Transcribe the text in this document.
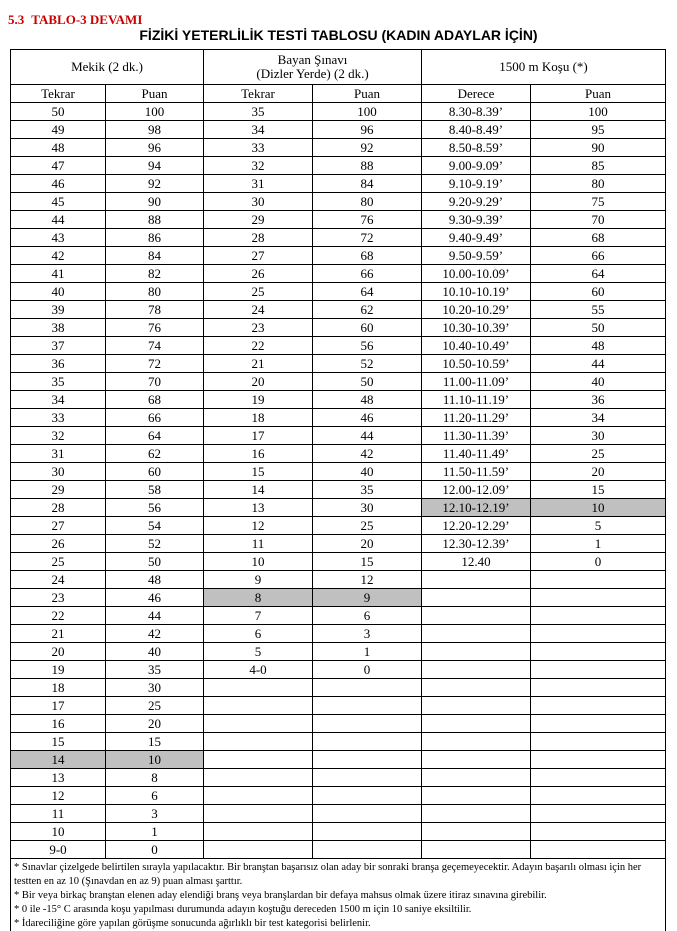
5.3 TABLO-3 DEVAMI
FİZİKİ YETERLİLİK TESTİ TABLOSU (KADIN ADAYLAR İÇİN)
Mekik (2 dk.)		Bayan Şınavı
(Dizler Yerde) (2 dk.)		1500 m Koşu (*)	
Tekrar	Puan	Tekrar	Puan	Derece	Puan
50	100	35	100	8.30-8.39’	100
49	98	34	96	8.40-8.49’	95
48	96	33	92	8.50-8.59’	90
47	94	32	88	9.00-9.09’	85
46	92	31	84	9.10-9.19’	80
45	90	30	80	9.20-9.29’	75
44	88	29	76	9.30-9.39’	70
43	86	28	72	9.40-9.49’	68
42	84	27	68	9.50-9.59’	66
41	82	26	66	10.00-10.09’	64
40	80	25	64	10.10-10.19’	60
39	78	24	62	10.20-10.29’	55
38	76	23	60	10.30-10.39’	50
37	74	22	56	10.40-10.49’	48
36	72	21	52	10.50-10.59’	44
35	70	20	50	11.00-11.09’	40
34	68	19	48	11.10-11.19’	36
33	66	18	46	11.20-11.29’	34
32	64	17	44	11.30-11.39’	30
31	62	16	42	11.40-11.49’	25
30	60	15	40	11.50-11.59’	20
29	58	14	35	12.00-12.09’	15
28	56	13	30	12.10-12.19’	10
27	54	12	25	12.20-12.29’	5
26	52	11	20	12.30-12.39’	1
25	50	10	15	12.40	0
24	48	9	12		
23	46	8	9		
22	44	7	6		
21	42	6	3		
20	40	5	1		
19	35	4-0	0		
18	30				
17	25				
16	20				
15	15				
14	10				
13	8				
12	6				
11	3				
10	1				
9-0	0				

* Sınavlar çizelgede belirtilen sırayla yapılacaktır. Bir branştan başarısız olan aday bir sonraki branşa geçemeyecektir. Adayın başarılı olması için her testten en az 10 (Şınavdan en az 9) puan alması şarttır.
* Bir veya birkaç branştan elenen aday elendiği branş veya branşlardan bir defaya mahsus olmak üzere itiraz sınavına girebilir.
* 0 ile -15° C arasında koşu yapılması durumunda adayın koştuğu dereceden 1500 m için 10 saniye eksiltilir.
* İdareciliğine göre yapılan görüşme sonucunda ağırlıklı bir test kategorisi belirlenir.					
